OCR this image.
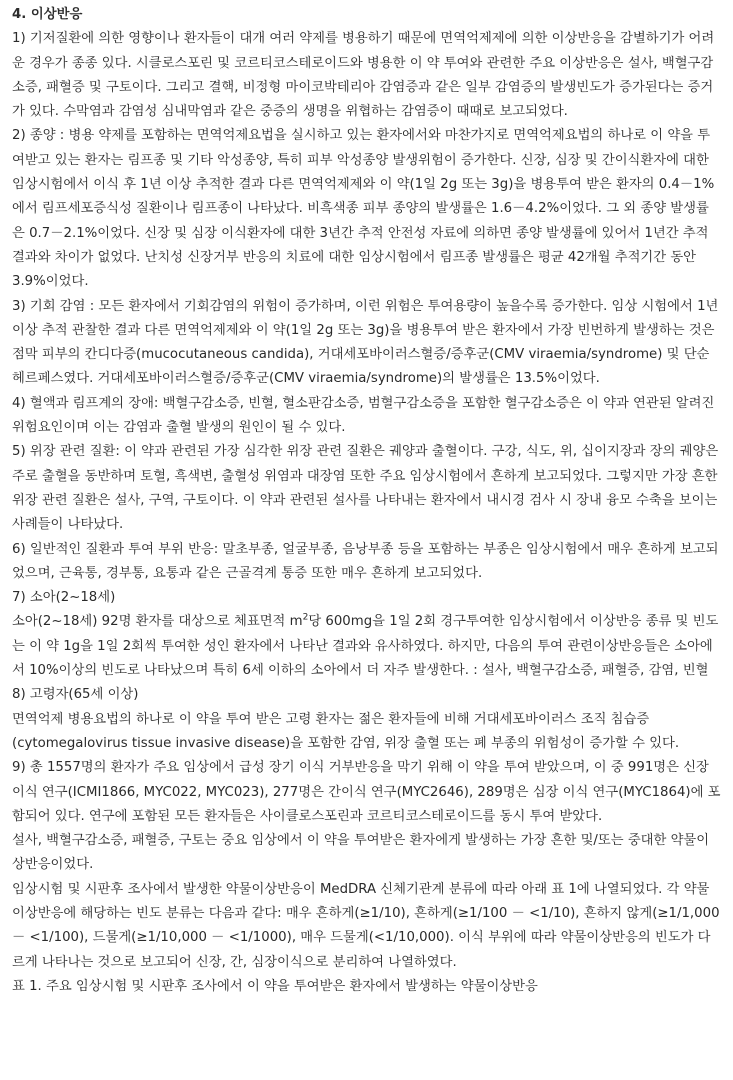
4. 이상반응

1) 기저질환에 의한 영향이나 환자들이 대개 여러 약제를 병용하기 때문에 면역억제제에 의한 이상반응을 감별하기가 어려운 경우가 종종 있다. 시클로스포린 및 코르티코스테로이드와 병용한 이 약 투여와 관련한 주요 이상반응은 설사, 백혈구감소증, 패혈증 및 구토이다. 그리고 결핵, 비정형 마이코박테리아 감염증과 같은 일부 감염증의 발생빈도가 증가된다는 증거가 있다. 수막염과 감염성 심내막염과 같은 중증의 생명을 위협하는 감염증이 때때로 보고되었다.

2) 종양 : 병용 약제를 포함하는 면역억제요법을 실시하고 있는 환자에서와 마찬가지로 면역억제요법의 하나로 이 약을 투여받고 있는 환자는 림프종 및 기타 악성종양, 특히 피부 악성종양 발생위험이 증가한다. 신장, 심장 및 간이식환자에 대한 임상시험에서 이식 후 1년 이상 추적한 결과 다른 면역억제제와 이 약(1일 2g 또는 3g)을 병용투여 받은 환자의 0.4－1%에서 림프세포증식성 질환이나 림프종이 나타났다. 비흑색종 피부 종양의 발생률은 1.6－4.2%이었다. 그 외 종양 발생률은 0.7－2.1%이었다. 신장 및 심장 이식환자에 대한 3년간 추적 안전성 자료에 의하면 종양 발생률에 있어서 1년간 추적 결과와 차이가 없었다. 난치성 신장거부 반응의 치료에 대한 임상시험에서 림프종 발생률은 평균 42개월 추적기간 동안 3.9%이었다.

3) 기회 감염 : 모든 환자에서 기회감염의 위험이 증가하며, 이런 위험은 투여용량이 높을수록 증가한다. 임상 시험에서 1년 이상 추적 관찰한 결과 다른 면역억제제와 이 약(1일 2g 또는 3g)을 병용투여 받은 환자에서 가장 빈번하게 발생하는 것은 점막 피부의 칸디다증(mucocutaneous candida), 거대세포바이러스혈증/증후군(CMV viraemia/syndrome) 및 단순헤르페스였다. 거대세포바이러스혈증/증후군(CMV viraemia/syndrome)의 발생률은 13.5%이었다.

4) 혈액과 림프계의 장애: 백혈구감소증, 빈혈, 혈소판감소증, 범혈구감소증을 포함한 혈구감소증은 이 약과 연관된 알려진 위험요인이며 이는 감염과 출혈 발생의 원인이 될 수 있다.

5) 위장 관련 질환: 이 약과 관련된 가장 심각한 위장 관련 질환은 궤양과 출혈이다. 구강, 식도, 위, 십이지장과 장의 궤양은 주로 출혈을 동반하며 토혈, 흑색변, 출혈성 위염과 대장염 또한 주요 임상시험에서 흔하게 보고되었다. 그렇지만 가장 흔한 위장 관련 질환은 설사, 구역, 구토이다. 이 약과 관련된 설사를 나타내는 환자에서 내시경 검사 시 장내 융모 수축을 보이는 사례들이 나타났다.

6) 일반적인 질환과 투여 부위 반응: 말초부종, 얼굴부종, 음낭부종 등을 포함하는 부종은 임상시험에서 매우 흔하게 보고되었으며, 근육통, 경부통, 요통과 같은 근골격계 통증 또한 매우 흔하게 보고되었다.

7) 소아(2~18세)

소아(2~18세) 92명 환자를 대상으로 체표면적 $m^2$당 600mg을 1일 2회 경구투여한 임상시험에서 이상반응 종류 및 빈도는 이 약 1g을 1일 2회씩 투여한 성인 환자에서 나타난 결과와 유사하였다. 하지만, 다음의 투여 관련이상반응들은 소아에서 10%이상의 빈도로 나타났으며 특히 6세 이하의 소아에서 더 자주 발생한다. : 설사, 백혈구감소증, 패혈증, 감염, 빈혈

8) 고령자(65세 이상)

면역억제 병용요법의 하나로 이 약을 투여 받은 고령 환자는 젊은 환자들에 비해 거대세포바이러스 조직 침습증(cytomegalovirus tissue invasive disease)을 포함한 감염, 위장 출혈 또는 폐 부종의 위험성이 증가할 수 있다.

9) 총 1557명의 환자가 주요 임상에서 급성 장기 이식 거부반응을 막기 위해 이 약을 투여 받았으며, 이 중 991명은 신장 이식 연구(ICMI1866, MYC022, MYC023), 277명은 간이식 연구(MYC2646), 289명은 심장 이식 연구(MYC1864)에 포함되어 있다. 연구에 포함된 모든 환자들은 사이클로스포린과 코르티코스테로이드를 동시 투여 받았다.

설사, 백혈구감소증, 패혈증, 구토는 중요 임상에서 이 약을 투여받은 환자에게 발생하는 가장 흔한 및/또는 중대한 약물이상반응이었다.

임상시험 및 시판후 조사에서 발생한 약물이상반응이 MedDRA 신체기관계 분류에 따라 아래 표 1에 나열되었다. 각 약물이상반응에 해당하는 빈도 분류는 다음과 같다: 매우 흔하게(≥1/10), 흔하게(≥1/100 － <1/10), 흔하지 않게(≥1/1,000 － <1/100), 드물게(≥1/10,000 － <1/1000), 매우 드물게(<1/10,000). 이식 부위에 따라 약물이상반응의 빈도가 다르게 나타나는 것으로 보고되어 신장, 간, 심장이식으로 분리하여 나열하였다.

표 1. 주요 임상시험 및 시판후 조사에서 이 약을 투여받은 환자에서 발생하는 약물이상반응
